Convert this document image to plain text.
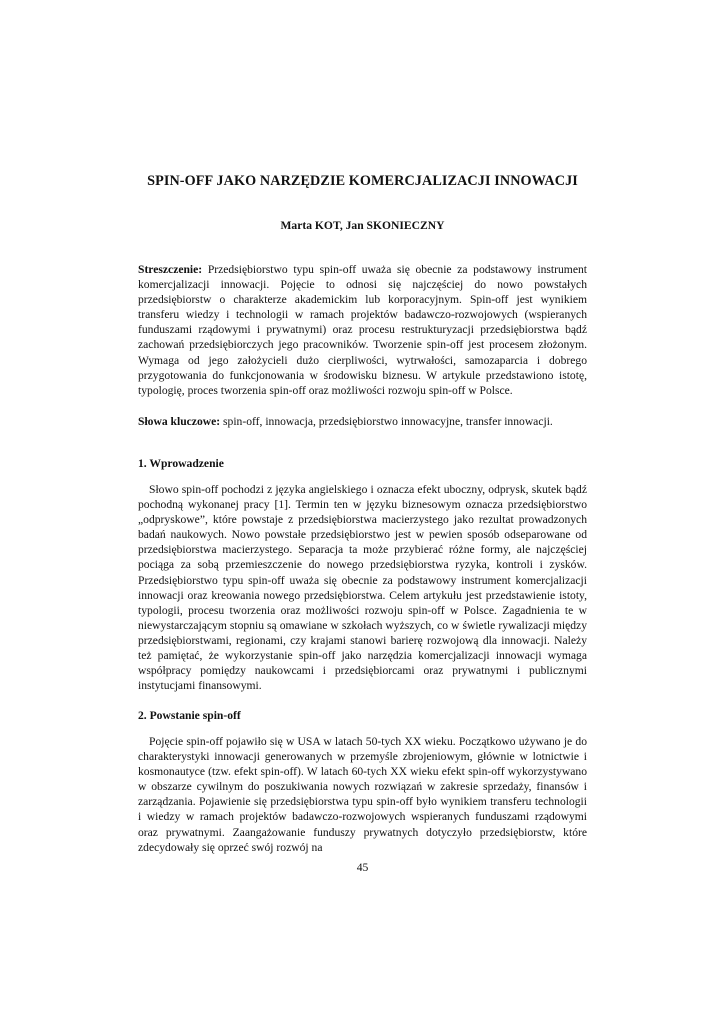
SPIN-OFF JAKO NARZĘDZIE KOMERCJALIZACJI INNOWACJI
Marta KOT, Jan SKONIECZNY

Streszczenie: Przedsiębiorstwo typu spin-off uważa się obecnie za podstawowy instrument komercjalizacji innowacji. Pojęcie to odnosi się najczęściej do nowo powstałych przedsiębiorstw o charakterze akademickim lub korporacyjnym. Spin-off jest wynikiem transferu wiedzy i technologii w ramach projektów badawczo-rozwojowych (wspieranych funduszami rządowymi i prywatnymi) oraz procesu restrukturyzacji przedsiębiorstwa bądź zachowań przedsiębiorczych jego pracowników. Tworzenie spin-off jest procesem złożonym. Wymaga od jego założycieli dużo cierpliwości, wytrwałości, samozaparcia i dobrego przygotowania do funkcjonowania w środowisku biznesu. W artykule przedstawiono istotę, typologię, proces tworzenia spin-off oraz możliwości rozwoju spin-off w Polsce.

Słowa kluczowe: spin-off, innowacja, przedsiębiorstwo innowacyjne, transfer innowacji.

1. Wprowadzenie

Słowo spin-off pochodzi z języka angielskiego i oznacza efekt uboczny, odprysk, skutek bądź pochodną wykonanej pracy [1]. Termin ten w języku biznesowym oznacza przedsiębiorstwo „odpryskowe”, które powstaje z przedsiębiorstwa macierzystego jako rezultat prowadzonych badań naukowych. Nowo powstałe przedsiębiorstwo jest w pewien sposób odseparowane od przedsiębiorstwa macierzystego. Separacja ta może przybierać różne formy, ale najczęściej pociąga za sobą przemieszczenie do nowego przedsiębiorstwa ryzyka, kontroli i zysków. Przedsiębiorstwo typu spin-off uważa się obecnie za podstawowy instrument komercjalizacji innowacji oraz kreowania nowego przedsiębiorstwa. Celem artykułu jest przedstawienie istoty, typologii, procesu tworzenia oraz możliwości rozwoju spin-off w Polsce. Zagadnienia te w niewystarczającym stopniu są omawiane w szkołach wyższych, co w świetle rywalizacji między przedsiębiorstwami, regionami, czy krajami stanowi barierę rozwojową dla innowacji. Należy też pamiętać, że wykorzystanie spin-off jako narzędzia komercjalizacji innowacji wymaga współpracy pomiędzy naukowcami i przedsiębiorcami oraz prywatnymi i publicznymi instytucjami finansowymi.

2. Powstanie spin-off

Pojęcie spin-off pojawiło się w USA w latach 50-tych XX wieku. Początkowo używano je do charakterystyki innowacji generowanych w przemyśle zbrojeniowym, głównie w lotnictwie i kosmonautyce (tzw. efekt spin-off). W latach 60-tych XX wieku efekt spin-off wykorzystywano w obszarze cywilnym do poszukiwania nowych rozwiązań w zakresie sprzedaży, finansów i zarządzania. Pojawienie się przedsiębiorstwa typu spin-off było wynikiem transferu technologii i wiedzy w ramach projektów badawczo-rozwojowych wspieranych funduszami rządowymi oraz prywatnymi. Zaangażowanie funduszy prywatnych dotyczyło przedsiębiorstw, które zdecydowały się oprzeć swój rozwój na

45
